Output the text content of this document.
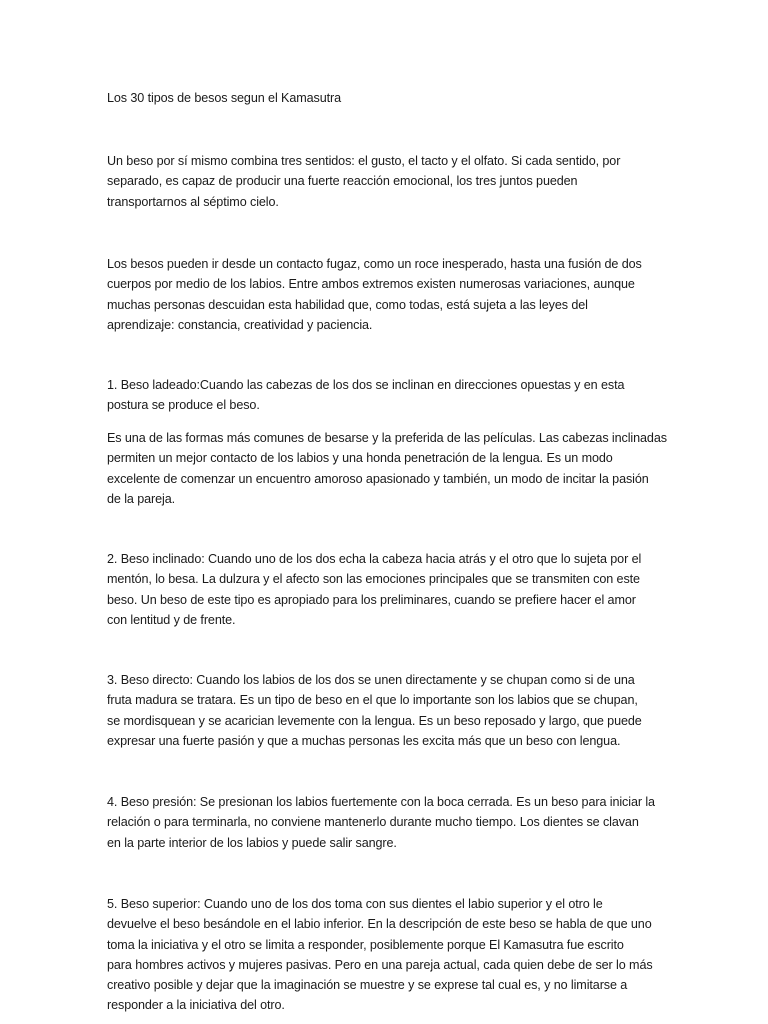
Los 30 tipos de besos segun el Kamasutra
Un beso por sí mismo combina tres sentidos: el gusto, el tacto y el olfato. Si cada sentido, por
separado, es capaz de producir una fuerte reacción emocional, los tres juntos pueden
transportarnos al séptimo cielo.
Los besos pueden ir desde un contacto fugaz, como un roce inesperado, hasta una fusión de dos
cuerpos por medio de los labios. Entre ambos extremos existen numerosas variaciones, aunque
muchas personas descuidan esta habilidad que, como todas, está sujeta a las leyes del
aprendizaje: constancia, creatividad y paciencia.
1. Beso ladeado:Cuando las cabezas de los dos se inclinan en direcciones opuestas y en esta
postura se produce el beso.
Es una de las formas más comunes de besarse y la preferida de las películas. Las cabezas inclinadas
permiten un mejor contacto de los labios y una honda penetración de la lengua. Es un modo
excelente de comenzar un encuentro amoroso apasionado y también, un modo de incitar la pasión
de la pareja.
2. Beso inclinado: Cuando uno de los dos echa la cabeza hacia atrás y el otro que lo sujeta por el
mentón, lo besa. La dulzura y el afecto son las emociones principales que se transmiten con este
beso. Un beso de este tipo es apropiado para los preliminares, cuando se prefiere hacer el amor
con lentitud y de frente.
3. Beso directo: Cuando los labios de los dos se unen directamente y se chupan como si de una
fruta madura se tratara. Es un tipo de beso en el que lo importante son los labios que se chupan,
se mordisquean y se acarician levemente con la lengua. Es un beso reposado y largo, que puede
expresar una fuerte pasión y que a muchas personas les excita más que un beso con lengua.
4. Beso presión: Se presionan los labios fuertemente con la boca cerrada. Es un beso para iniciar la
relación o para terminarla, no conviene mantenerlo durante mucho tiempo. Los dientes se clavan
en la parte interior de los labios y puede salir sangre.
5. Beso superior: Cuando uno de los dos toma con sus dientes el labio superior y el otro le
devuelve el beso besándole en el labio inferior. En la descripción de este beso se habla de que uno
toma la iniciativa y el otro se limita a responder, posiblemente porque El Kamasutra fue escrito
para hombres activos y mujeres pasivas. Pero en una pareja actual, cada quien debe de ser lo más
creativo posible y dejar que la imaginación se muestre y se exprese tal cual es, y no limitarse a
responder a la iniciativa del otro.
